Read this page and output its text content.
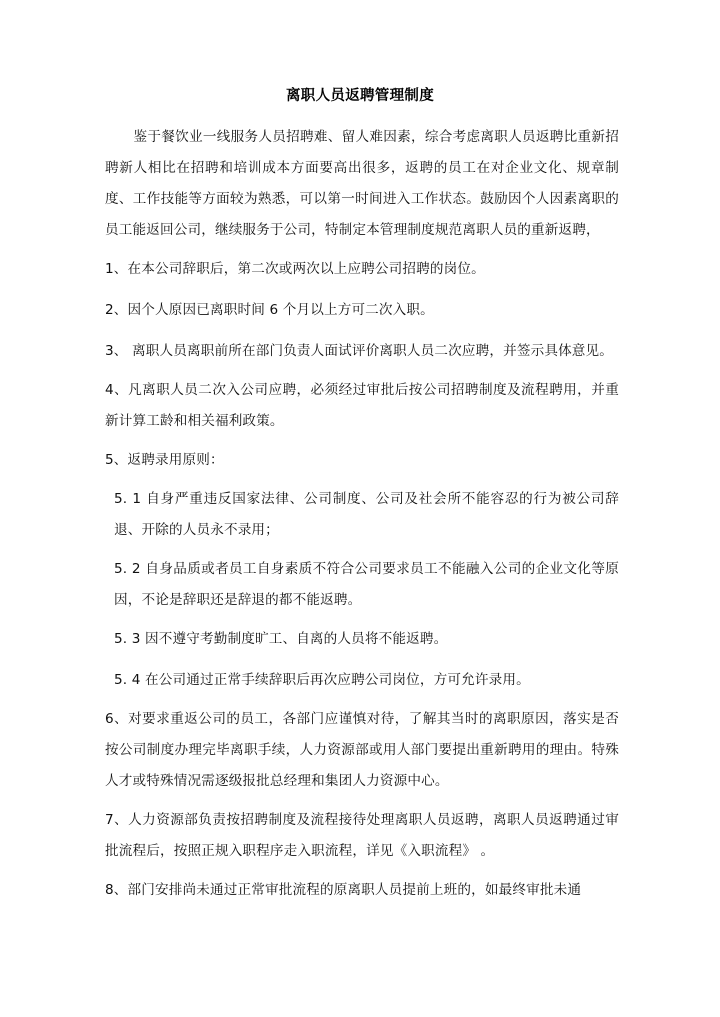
离职人员返聘管理制度

鉴于餐饮业一线服务人员招聘难、留人难因素，综合考虑离职人员返聘比重新招聘新人相比在招聘和培训成本方面要高出很多，返聘的员工在对企业文化、规章制度、工作技能等方面较为熟悉，可以第一时间进入工作状态。鼓励因个人因素离职的员工能返回公司，继续服务于公司，特制定本管理制度规范离职人员的重新返聘，

1、在本公司辞职后，第二次或两次以上应聘公司招聘的岗位。

2、因个人原因已离职时间 6 个月以上方可二次入职。

3、 离职人员离职前所在部门负责人面试评价离职人员二次应聘，并签示具体意见。

4、凡离职人员二次入公司应聘，必须经过审批后按公司招聘制度及流程聘用，并重新计算工龄和相关福利政策。

5、返聘录用原则：

5. 1 自身严重违反国家法律、公司制度、公司及社会所不能容忍的行为被公司辞退、开除的人员永不录用；

5. 2 自身品质或者员工自身素质不符合公司要求员工不能融入公司的企业文化等原因，不论是辞职还是辞退的都不能返聘。

5. 3 因不遵守考勤制度旷工、自离的人员将不能返聘。

5. 4 在公司通过正常手续辞职后再次应聘公司岗位，方可允许录用。

6、对要求重返公司的员工，各部门应谨慎对待，了解其当时的离职原因，落实是否按公司制度办理完毕离职手续，人力资源部或用人部门要提出重新聘用的理由。特殊人才或特殊情况需逐级报批总经理和集团人力资源中心。

7、人力资源部负责按招聘制度及流程接待处理离职人员返聘，离职人员返聘通过审批流程后，按照正规入职程序走入职流程，详见《入职流程》 。

8、部门安排尚未通过正常审批流程的原离职人员提前上班的，如最终审批未通
